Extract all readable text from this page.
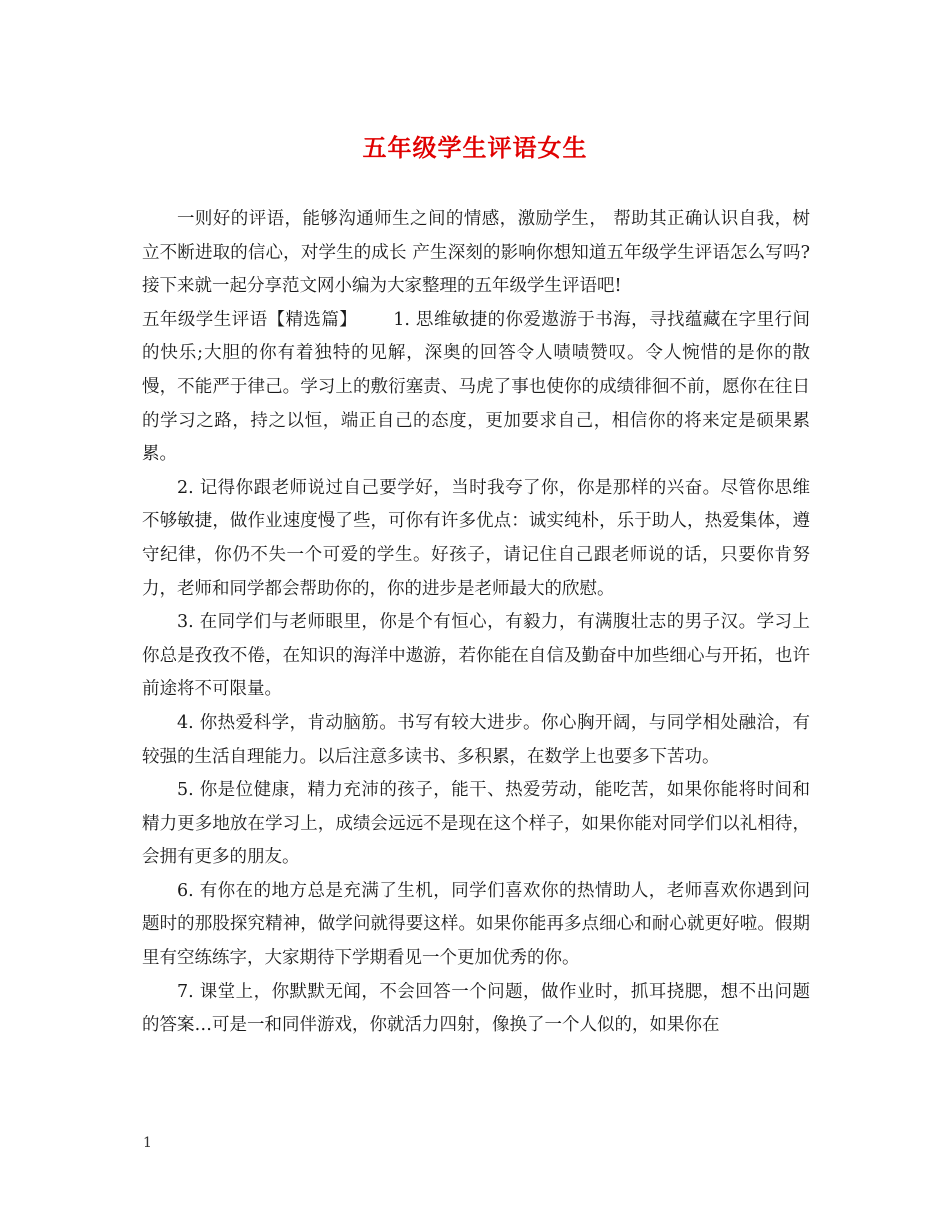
五年级学生评语女生

一则好的评语，能够沟通师生之间的情感，激励学生， 帮助其正确认识自我，树立不断进取的信心，对学生的成长 产生深刻的影响你想知道五年级学生评语怎么写吗?接下来就一起分享范文网小编为大家整理的五年级学生评语吧!

五年级学生评语【精选篇】 1. 思维敏捷的你爱遨游于书海，寻找蕴藏在字里行间的快乐;大胆的你有着独特的见解，深奥的回答令人啧啧赞叹。令人惋惜的是你的散慢，不能严于律己。学习上的敷衍塞责、马虎了事也使你的成绩徘徊不前，愿你在往日的学习之路，持之以恒，端正自己的态度，更加要求自己，相信你的将来定是硕果累累。

2. 记得你跟老师说过自己要学好，当时我夸了你，你是那样的兴奋。尽管你思维不够敏捷，做作业速度慢了些，可你有许多优点：诚实纯朴，乐于助人，热爱集体，遵守纪律，你仍不失一个可爱的学生。好孩子，请记住自己跟老师说的话，只要你肯努力，老师和同学都会帮助你的，你的进步是老师最大的欣慰。

3. 在同学们与老师眼里，你是个有恒心，有毅力，有满腹壮志的男子汉。学习上你总是孜孜不倦，在知识的海洋中遨游，若你能在自信及勤奋中加些细心与开拓，也许前途将不可限量。

4. 你热爱科学，肯动脑筋。书写有较大进步。你心胸开阔，与同学相处融洽，有较强的生活自理能力。以后注意多读书、多积累，在数学上也要多下苦功。

5. 你是位健康，精力充沛的孩子，能干、热爱劳动，能吃苦，如果你能将时间和精力更多地放在学习上，成绩会远远不是现在这个样子，如果你能对同学们以礼相待，会拥有更多的朋友。

6. 有你在的地方总是充满了生机，同学们喜欢你的热情助人，老师喜欢你遇到问题时的那股探究精神，做学问就得要这样。如果你能再多点细心和耐心就更好啦。假期里有空练练字，大家期待下学期看见一个更加优秀的你。

7. 课堂上，你默默无闻，不会回答一个问题，做作业时，抓耳挠腮，想不出问题的答案…可是一和同伴游戏，你就活力四射，像换了一个人似的，如果你在

1
